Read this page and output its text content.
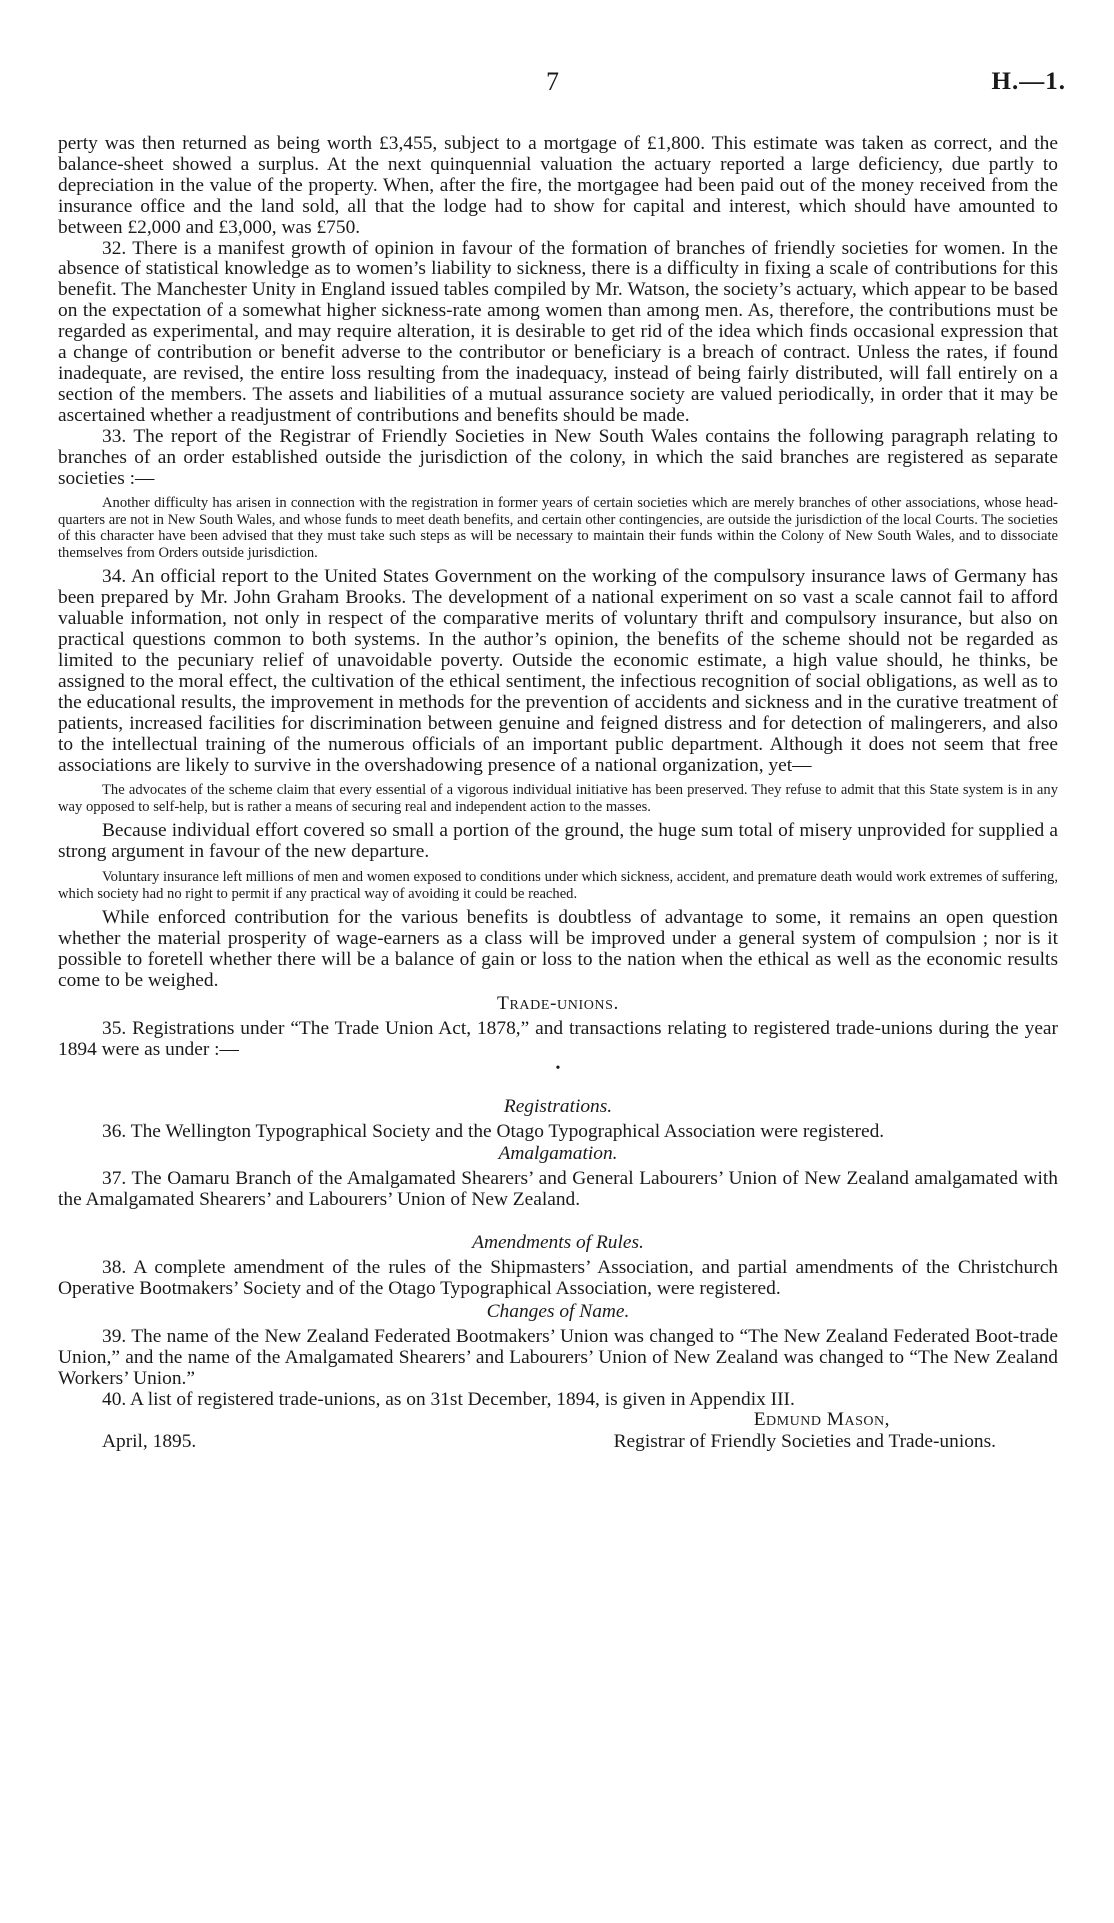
7	H.—1.

perty was then returned as being worth £3,455, subject to a mortgage of £1,800. This estimate was taken as correct, and the balance-sheet showed a surplus. At the next quinquennial valuation the actuary reported a large deficiency, due partly to depreciation in the value of the property. When, after the fire, the mortgagee had been paid out of the money received from the insurance office and the land sold, all that the lodge had to show for capital and interest, which should have amounted to between £2,000 and £3,000, was £750.

32. There is a manifest growth of opinion in favour of the formation of branches of friendly societies for women. In the absence of statistical knowledge as to women’s liability to sickness, there is a difficulty in fixing a scale of contributions for this benefit. The Manchester Unity in England issued tables compiled by Mr. Watson, the society’s actuary, which appear to be based on the expectation of a somewhat higher sickness-rate among women than among men. As, therefore, the contributions must be regarded as experimental, and may require alteration, it is desirable to get rid of the idea which finds occasional expression that a change of contribution or benefit adverse to the contributor or beneficiary is a breach of contract. Unless the rates, if found inadequate, are revised, the entire loss resulting from the inadequacy, instead of being fairly distributed, will fall entirely on a section of the members. The assets and liabilities of a mutual assurance society are valued periodically, in order that it may be ascertained whether a readjustment of contributions and benefits should be made.

33. The report of the Registrar of Friendly Societies in New South Wales contains the following paragraph relating to branches of an order established outside the jurisdiction of the colony, in which the said branches are registered as separate societies :—

Another difficulty has arisen in connection with the registration in former years of certain societies which are merely branches of other associations, whose head-quarters are not in New South Wales, and whose funds to meet death benefits, and certain other contingencies, are outside the jurisdiction of the local Courts. The societies of this character have been advised that they must take such steps as will be necessary to maintain their funds within the Colony of New South Wales, and to dissociate themselves from Orders outside jurisdiction.

34. An official report to the United States Government on the working of the compulsory insurance laws of Germany has been prepared by Mr. John Graham Brooks. The development of a national experiment on so vast a scale cannot fail to afford valuable information, not only in respect of the comparative merits of voluntary thrift and compulsory insurance, but also on practical questions common to both systems. In the author’s opinion, the benefits of the scheme should not be regarded as limited to the pecuniary relief of unavoidable poverty. Outside the economic estimate, a high value should, he thinks, be assigned to the moral effect, the cultivation of the ethical sentiment, the infectious recognition of social obligations, as well as to the educational results, the improvement in methods for the prevention of accidents and sickness and in the curative treatment of patients, increased facilities for discrimination between genuine and feigned distress and for detection of malingerers, and also to the intellectual training of the numerous officials of an important public department. Although it does not seem that free associations are likely to survive in the overshadowing presence of a national organization, yet—

The advocates of the scheme claim that every essential of a vigorous individual initiative has been preserved. They refuse to admit that this State system is in any way opposed to self-help, but is rather a means of securing real and independent action to the masses.

Because individual effort covered so small a portion of the ground, the huge sum total of misery unprovided for supplied a strong argument in favour of the new departure.

Voluntary insurance left millions of men and women exposed to conditions under which sickness, accident, and premature death would work extremes of suffering, which society had no right to permit if any practical way of avoiding it could be reached.

While enforced contribution for the various benefits is doubtless of advantage to some, it remains an open question whether the material prosperity of wage-earners as a class will be improved under a general system of compulsion ; nor is it possible to foretell whether there will be a balance of gain or loss to the nation when the ethical as well as the economic results come to be weighed.

Trade-unions.

35. Registrations under “The Trade Union Act, 1878,” and transactions relating to registered trade-unions during the year 1894 were as under :—

•
Registrations.

36. The Wellington Typographical Society and the Otago Typographical Association were registered.

Amalgamation.

37. The Oamaru Branch of the Amalgamated Shearers’ and General Labourers’ Union of New Zealand amalgamated with the Amalgamated Shearers’ and Labourers’ Union of New Zealand.

Amendments of Rules.

38. A complete amendment of the rules of the Shipmasters’ Association, and partial amendments of the Christchurch Operative Bootmakers’ Society and of the Otago Typographical Association, were registered.

Changes of Name.

39. The name of the New Zealand Federated Bootmakers’ Union was changed to “The New Zealand Federated Boot-trade Union,” and the name of the Amalgamated Shearers’ and Labourers’ Union of New Zealand was changed to “The New Zealand Workers’ Union.”

40. A list of registered trade-unions, as on 31st December, 1894, is given in Appendix III.

Edmund Mason,
April, 1895.	Registrar of Friendly Societies and Trade-unions.
